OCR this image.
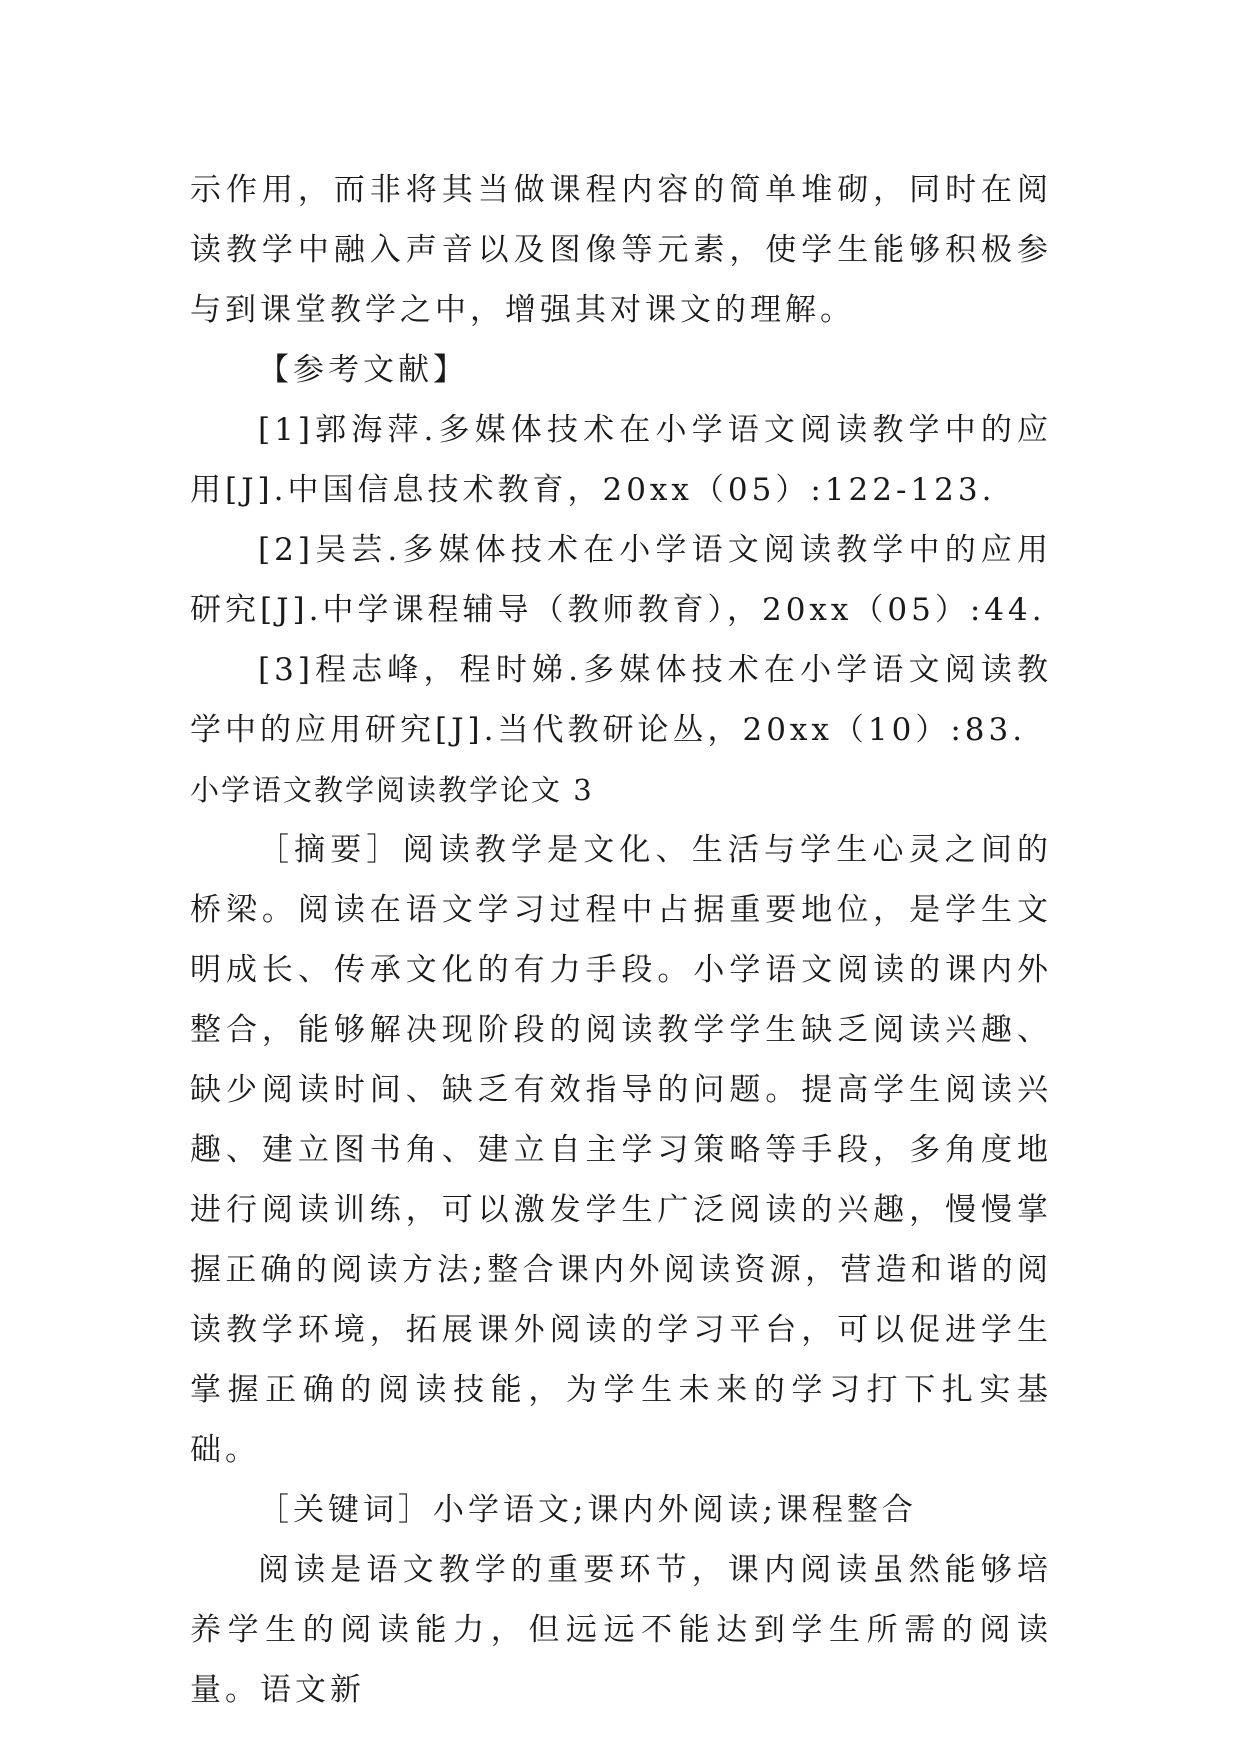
示作用，而非将其当做课程内容的简单堆砌，同时在阅读教学中融入声音以及图像等元素，使学生能够积极参与到课堂教学之中，增强其对课文的理解。

【参考文献】

[1]郭海萍.多媒体技术在小学语文阅读教学中的应用[J].中国信息技术教育，20xx（05）:122-123.

[2]吴芸.多媒体技术在小学语文阅读教学中的应用研究[J].中学课程辅导（教师教育），20xx（05）:44.

[3]程志峰，程时娣.多媒体技术在小学语文阅读教学中的应用研究[J].当代教研论丛，20xx（10）:83.

小学语文教学阅读教学论文 3

［摘要］阅读教学是文化、生活与学生心灵之间的桥梁。阅读在语文学习过程中占据重要地位，是学生文明成长、传承文化的有力手段。小学语文阅读的课内外整合，能够解决现阶段的阅读教学学生缺乏阅读兴趣、缺少阅读时间、缺乏有效指导的问题。提高学生阅读兴趣、建立图书角、建立自主学习策略等手段，多角度地进行阅读训练，可以激发学生广泛阅读的兴趣，慢慢掌握正确的阅读方法;整合课内外阅读资源，营造和谐的阅读教学环境，拓展课外阅读的学习平台，可以促进学生掌握正确的阅读技能，为学生未来的学习打下扎实基础。

［关键词］小学语文;课内外阅读;课程整合

阅读是语文教学的重要环节，课内阅读虽然能够培养学生的阅读能力，但远远不能达到学生所需的阅读量。语文新
